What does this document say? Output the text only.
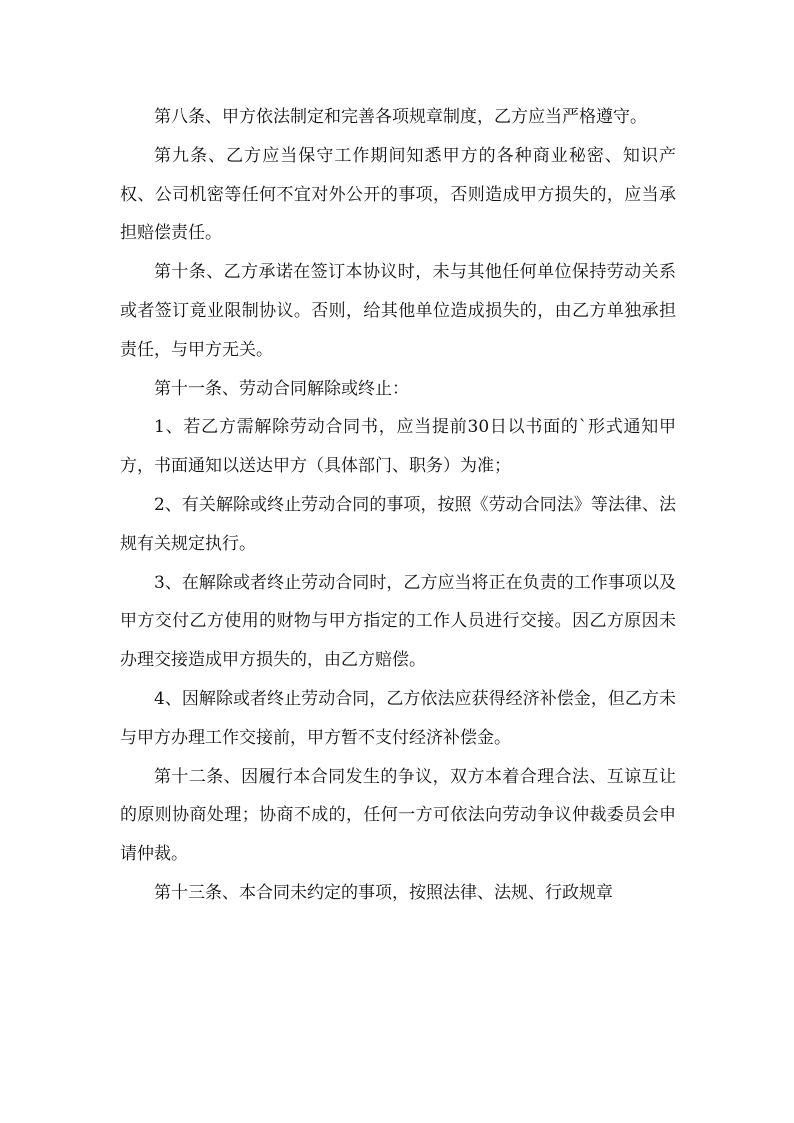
第八条、甲方依法制定和完善各项规章制度，乙方应当严格遵守。

第九条、乙方应当保守工作期间知悉甲方的各种商业秘密、知识产权、公司机密等任何不宜对外公开的事项，否则造成甲方损失的，应当承担赔偿责任。

第十条、乙方承诺在签订本协议时，未与其他任何单位保持劳动关系或者签订竟业限制协议。否则，给其他单位造成损失的，由乙方单独承担责任，与甲方无关。

第十一条、劳动合同解除或终止：

1、若乙方需解除劳动合同书，应当提前30日以书面的`形式通知甲方，书面通知以送达甲方（具体部门、职务）为准；

2、有关解除或终止劳动合同的事项，按照《劳动合同法》等法律、法规有关规定执行。

3、在解除或者终止劳动合同时，乙方应当将正在负责的工作事项以及甲方交付乙方使用的财物与甲方指定的工作人员进行交接。因乙方原因未办理交接造成甲方损失的，由乙方赔偿。

4、因解除或者终止劳动合同，乙方依法应获得经济补偿金，但乙方未与甲方办理工作交接前，甲方暂不支付经济补偿金。

第十二条、因履行本合同发生的争议，双方本着合理合法、互谅互让的原则协商处理；协商不成的，任何一方可依法向劳动争议仲裁委员会申请仲裁。

第十三条、本合同未约定的事项，按照法律、法规、行政规章
